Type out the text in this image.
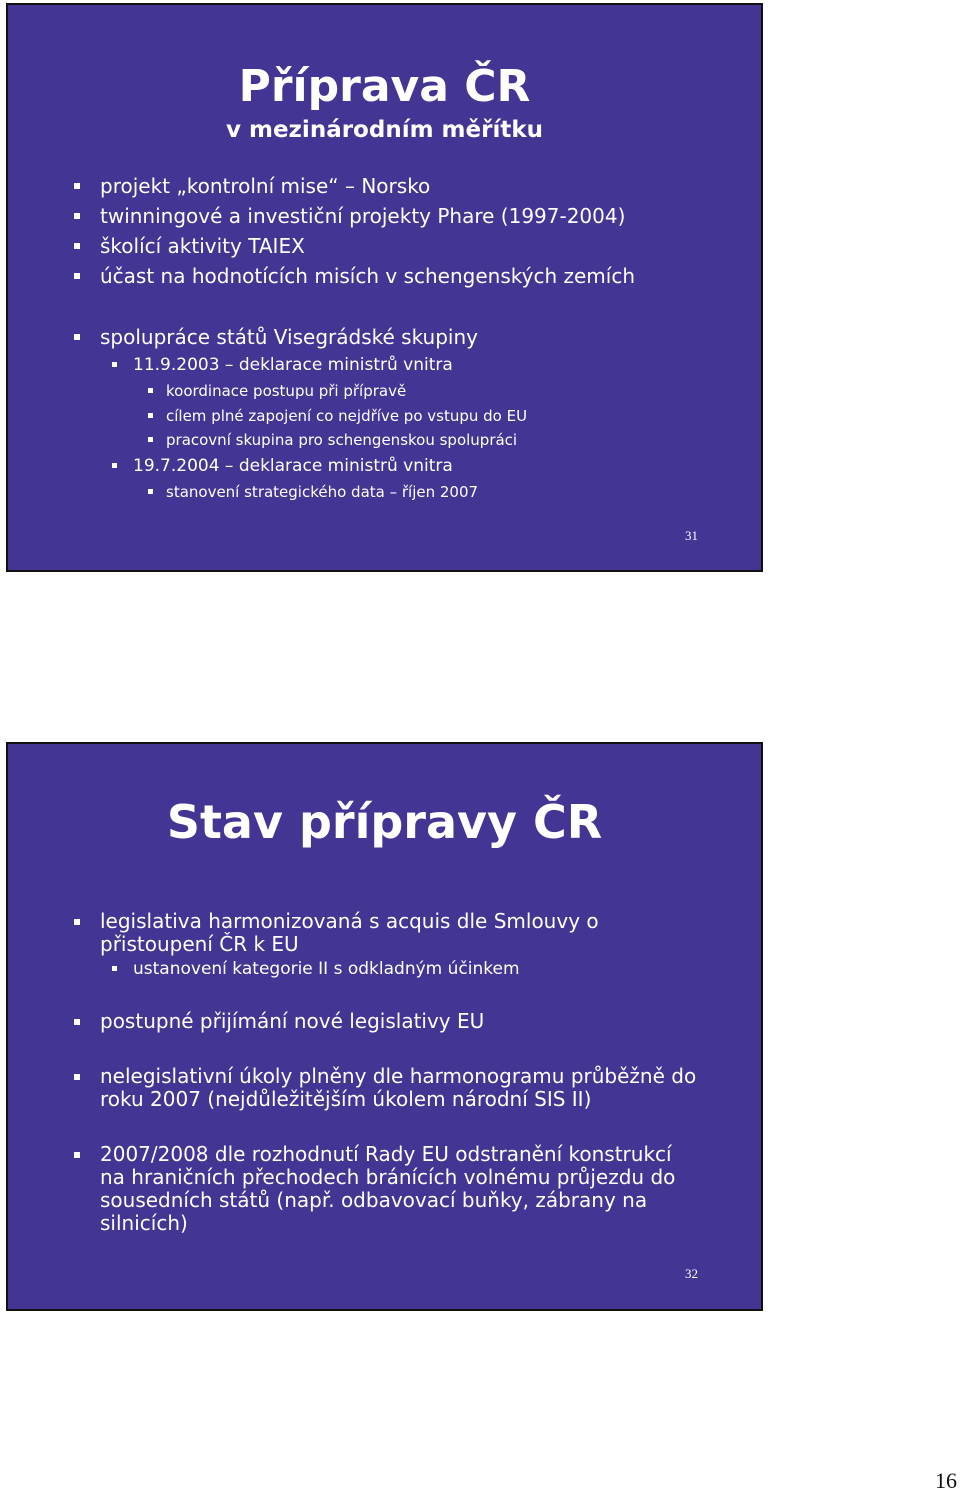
Příprava ČR
v mezinárodním měřítku
projekt „kontrolní mise“ – Norsko
twinningové a investiční projekty Phare (1997-2004)
školící aktivity TAIEX
účast na hodnotících misích v schengenských zemích
spolupráce států Visegrádské skupiny
11.9.2003 – deklarace ministrů vnitra
koordinace postupu při přípravě
cílem plné zapojení co nejdříve po vstupu do EU
pracovní skupina pro schengenskou spolupráci
19.7.2004 – deklarace ministrů vnitra
stanovení strategického data – říjen 2007
31
Stav přípravy ČR
legislativa harmonizovaná s acquis dle Smlouvy o přistoupení ČR k EU
ustanovení kategorie II s odkladným účinkem
postupné přijímání nové legislativy EU
nelegislativní úkoly plněny dle harmonogramu průběžně do roku 2007 (nejdůležitějším úkolem národní SIS II)
2007/2008 dle rozhodnutí Rady EU odstranění konstrukcí na hraničních přechodech bránících volnému průjezdu do sousedních států (např. odbavovací buňky, zábrany na silnicích)
32
16
